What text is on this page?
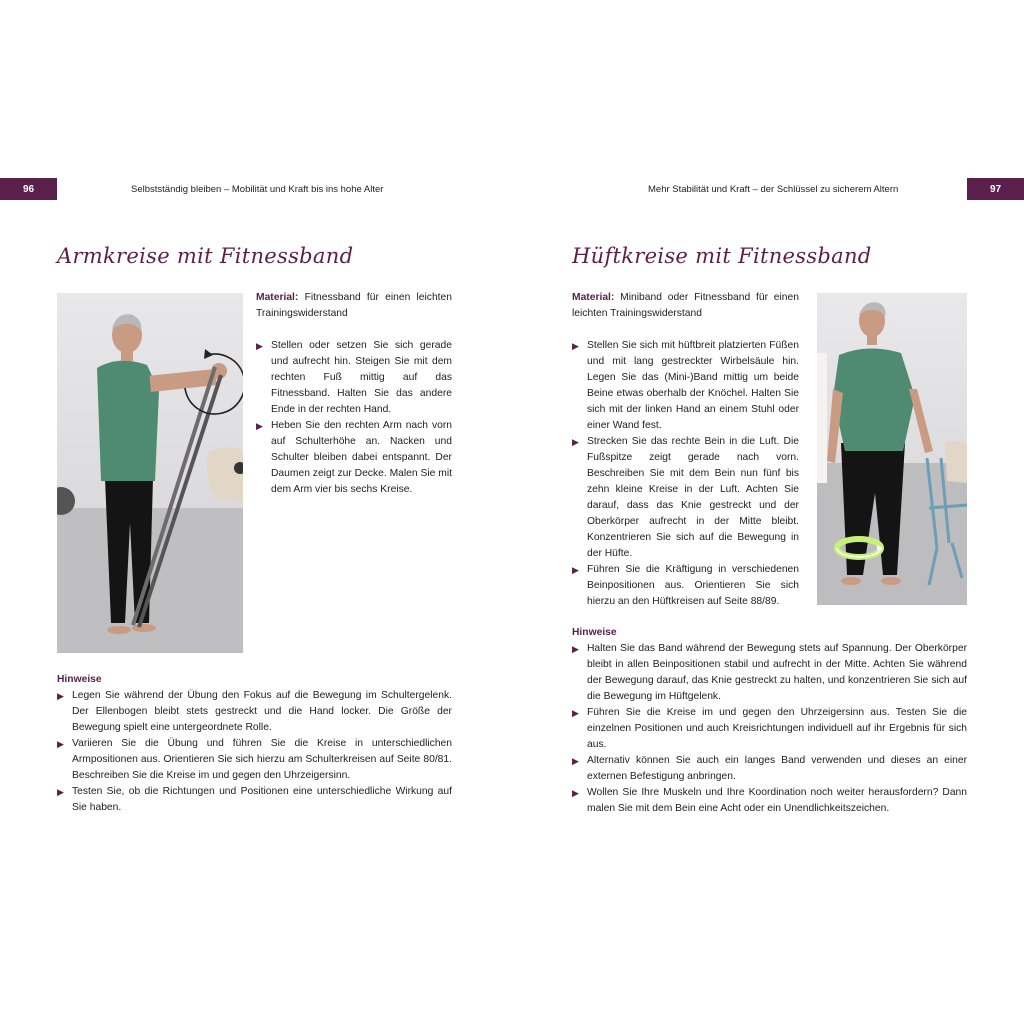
96	Selbstständig bleiben – Mobilität und Kraft bis ins hohe Alter	Mehr Stabilität und Kraft – der Schlüssel zu sicherem Altern	97
Armkreise mit Fitnessband	Hüftkreise mit Fitnessband

Material: Fitnessband für einen leichten Trainingswiderstand

▶ Stellen oder setzen Sie sich gerade und aufrecht hin. Steigen Sie mit dem rechten Fuß mittig auf das Fitnessband. Halten Sie das andere Ende in der rechten Hand.
▶ Heben Sie den rechten Arm nach vorn auf Schulterhöhe an. Nacken und Schulter bleiben dabei entspannt. Der Daumen zeigt zur Decke. Malen Sie mit dem Arm vier bis sechs Kreise.

Hinweise

▶ Legen Sie während der Übung den Fokus auf die Bewegung im Schultergelenk. Der Ellenbogen bleibt stets gestreckt und die Hand locker. Die Größe der Bewegung spielt eine untergeordnete Rolle.
▶ Variieren Sie die Übung und führen Sie die Kreise in unterschiedlichen Armpositionen aus. Orientieren Sie sich hierzu am Schulterkreisen auf Seite 80/81. Beschreiben Sie die Kreise im und gegen den Uhrzeigersinn.
▶ Testen Sie, ob die Richtungen und Positionen eine unterschiedliche Wirkung auf Sie haben.

Material: Miniband oder Fitnessband für einen leichten Trainingswiderstand

▶ Stellen Sie sich mit hüftbreit platzierten Füßen und mit lang gestreckter Wirbelsäule hin. Legen Sie das (Mini-)Band mittig um beide Beine etwas oberhalb der Knöchel. Halten Sie sich mit der linken Hand an einem Stuhl oder einer Wand fest.
▶ Strecken Sie das rechte Bein in die Luft. Die Fußspitze zeigt gerade nach vorn. Beschreiben Sie mit dem Bein nun fünf bis zehn kleine Kreise in der Luft. Achten Sie darauf, dass das Knie gestreckt und der Oberkörper aufrecht in der Mitte bleibt. Konzentrieren Sie sich auf die Bewegung in der Hüfte.
▶ Führen Sie die Kräftigung in verschiedenen Beinpositionen aus. Orientieren Sie sich hierzu an den Hüftkreisen auf Seite 88/89.

Hinweise

▶ Halten Sie das Band während der Bewegung stets auf Spannung. Der Oberkörper bleibt in allen Beinpositionen stabil und aufrecht in der Mitte. Achten Sie während der Bewegung darauf, das Knie gestreckt zu halten, und konzentrieren Sie sich auf die Bewegung im Hüftgelenk.
▶ Führen Sie die Kreise im und gegen den Uhrzeigersinn aus. Testen Sie die einzelnen Positionen und auch Kreisrichtungen individuell auf ihr Ergebnis für sich aus.
▶ Alternativ können Sie auch ein langes Band verwenden und dieses an einer externen Befestigung anbringen.
▶ Wollen Sie Ihre Muskeln und Ihre Koordination noch weiter herausfordern? Dann malen Sie mit dem Bein eine Acht oder ein Unendlichkeitszeichen.
